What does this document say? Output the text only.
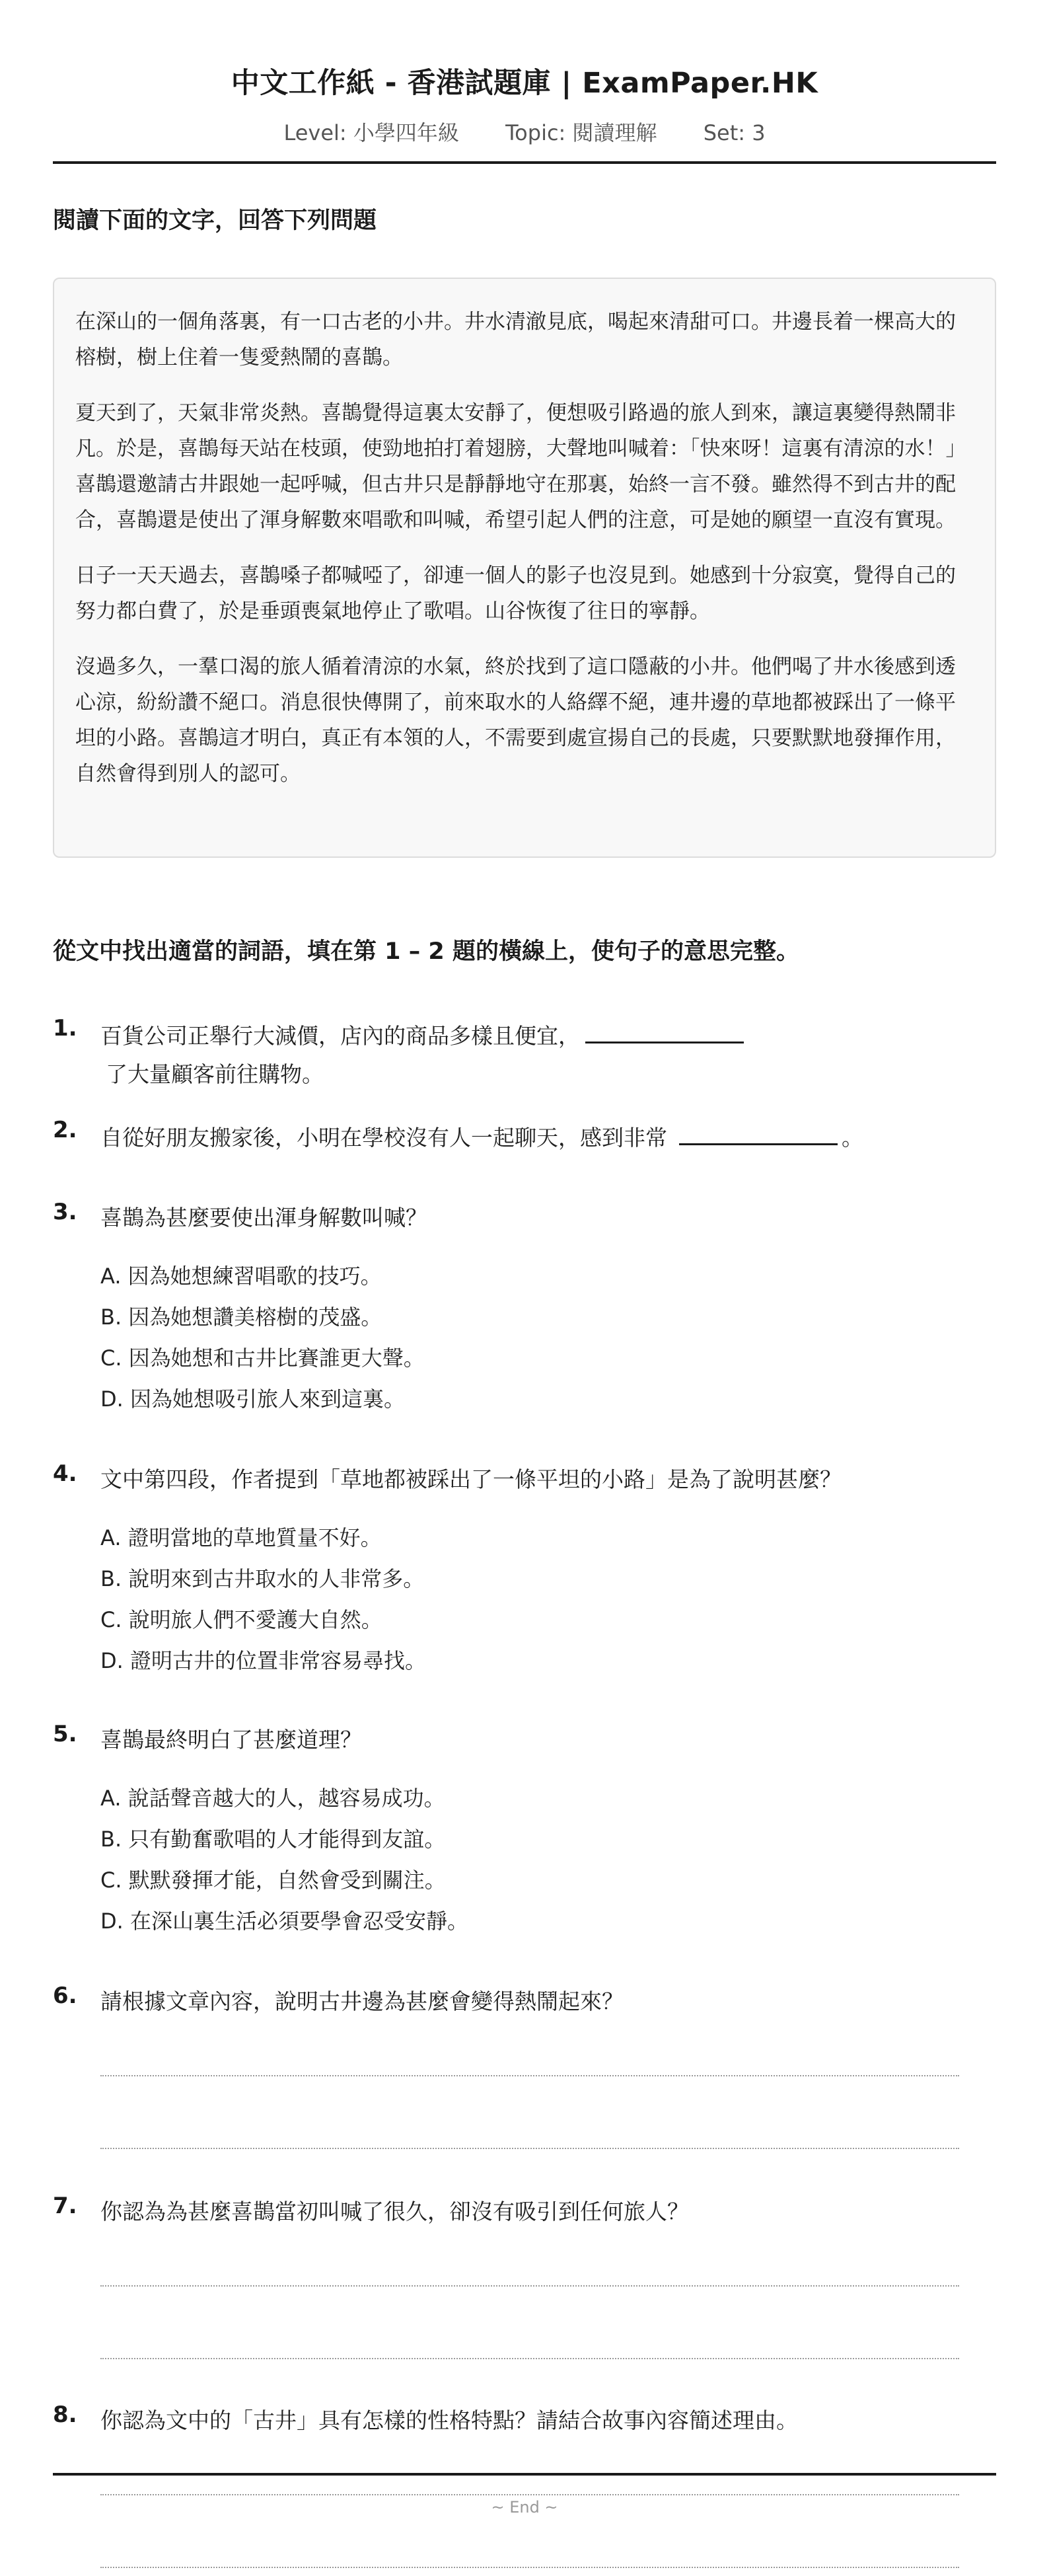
中文工作紙 - 香港試題庫 | ExamPaper.HK
Level: 小學四年級 Topic: 閱讀理解 Set: 3
閱讀下面的文字，回答下列問題

在深山的一個角落裏，有一口古老的小井。井水清澈見底，喝起來清甜可口。井邊長着一棵高大的榕樹，樹上住着一隻愛熱鬧的喜鵲。

夏天到了，天氣非常炎熱。喜鵲覺得這裏太安靜了，便想吸引路過的旅人到來，讓這裏變得熱鬧非凡。於是，喜鵲每天站在枝頭，使勁地拍打着翅膀，大聲地叫喊着：「快來呀！這裏有清涼的水！」喜鵲還邀請古井跟她一起呼喊，但古井只是靜靜地守在那裏，始終一言不發。雖然得不到古井的配合，喜鵲還是使出了渾身解數來唱歌和叫喊，希望引起人們的注意，可是她的願望一直沒有實現。

日子一天天過去，喜鵲嗓子都喊啞了，卻連一個人的影子也沒見到。她感到十分寂寞，覺得自己的努力都白費了，於是垂頭喪氣地停止了歌唱。山谷恢復了往日的寧靜。

沒過多久，一羣口渴的旅人循着清涼的水氣，終於找到了這口隱蔽的小井。他們喝了井水後感到透心涼，紛紛讚不絕口。消息很快傳開了，前來取水的人絡繹不絕，連井邊的草地都被踩出了一條平坦的小路。喜鵲這才明白，真正有本領的人，不需要到處宣揚自己的長處，只要默默地發揮作用，自然會得到別人的認可。

從文中找出適當的詞語，填在第 1 – 2 題的橫線上，使句子的意思完整。
1. 百貨公司正舉行大減價，店內的商品多樣且便宜，
了大量顧客前往購物。
2. 自從好朋友搬家後，小明在學校沒有人一起聊天，感到非常	。
3. 喜鵲為甚麼要使出渾身解數叫喊？
A. 因為她想練習唱歌的技巧。
B. 因為她想讚美榕樹的茂盛。
C. 因為她想和古井比賽誰更大聲。
D. 因為她想吸引旅人來到這裏。
4. 文中第四段，作者提到「草地都被踩出了一條平坦的小路」是為了說明甚麼？
A. 證明當地的草地質量不好。
B. 說明來到古井取水的人非常多。
C. 說明旅人們不愛護大自然。
D. 證明古井的位置非常容易尋找。
5. 喜鵲最終明白了甚麼道理？
A. 說話聲音越大的人，越容易成功。
B. 只有勤奮歌唱的人才能得到友誼。
C. 默默發揮才能，自然會受到關注。
D. 在深山裏生活必須要學會忍受安靜。
6. 請根據文章內容，說明古井邊為甚麼會變得熱鬧起來？
7. 你認為為甚麼喜鵲當初叫喊了很久，卻沒有吸引到任何旅人？
8. 你認為文中的「古井」具有怎樣的性格特點？請結合故事內容簡述理由。
~ End ~
